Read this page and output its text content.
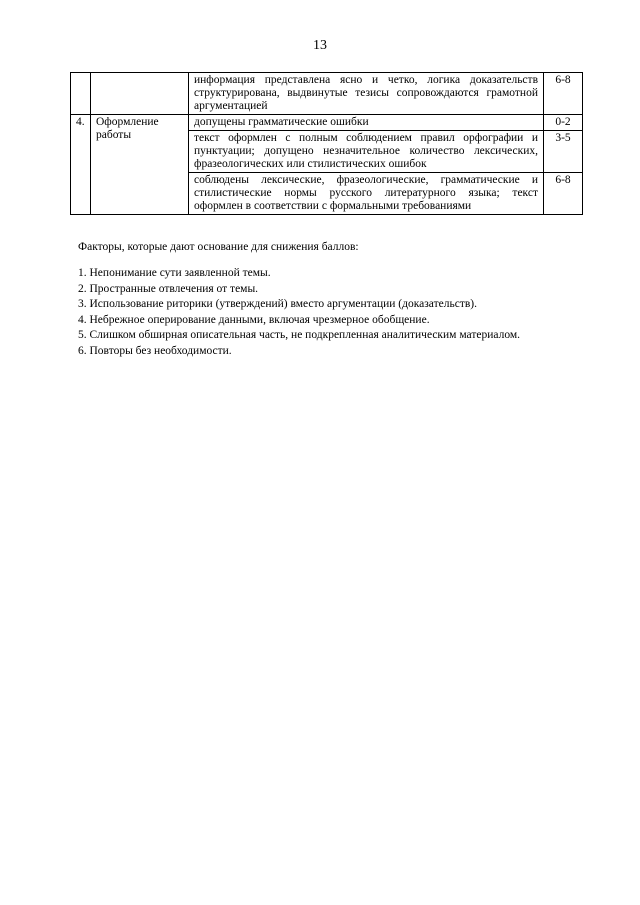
13
		информация представлена ясно и четко, логика доказательств структурирована, выдвинутые тезисы сопровождаются грамотной аргументацией	6-8
4.	Оформление работы	допущены грамматические ошибки	0-2
		текст оформлен с полным соблюдением правил орфографии и пунктуации; допущено незначительное количество лексических, фразеологических или стилистических ошибок	3-5
		соблюдены лексические, фразеологические, грамматические и стилистические нормы русского литературного языка; текст оформлен в соответствии с формальными требованиями	6-8

Факторы, которые дают основание для снижения баллов:

1. Непонимание сути заявленной темы.
2. Пространные отвлечения от темы.
3. Использование риторики (утверждений) вместо аргументации (доказательств).
4. Небрежное оперирование данными, включая чрезмерное обобщение.
5. Слишком обширная описательная часть, не подкрепленная аналитическим материалом.
6. Повторы без необходимости.
